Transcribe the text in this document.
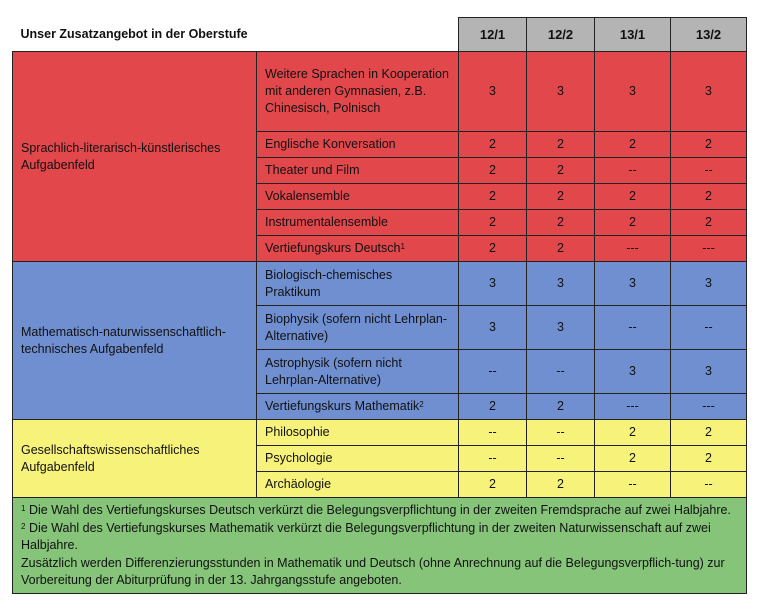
Unser Zusatzangebot in der Oberstufe		12/1	12/2	13/1	13/2
Sprachlich-literarisch-künstlerisches Aufgabenfeld	Weitere Sprachen in Kooperation mit anderen Gymnasien, z.B. Chinesisch, Polnisch	3	3	3	3
	Englische Konversation	2	2	2	2
	Theater und Film	2	2	--	--
	Vokalensemble	2	2	2	2
	Instrumentalensemble	2	2	2	2
	Vertiefungskurs Deutsch$^1$	2	2	---	---
Mathematisch-naturwissenschaftlich-technisches Aufgabenfeld	Biologisch-chemisches Praktikum	3	3	3	3
	Biophysik (sofern nicht Lehrplan-Alternative)	3	3	--	--
	Astrophysik (sofern nicht Lehrplan-Alternative)	--	--	3	3
	Vertiefungskurs Mathematik$^2$	2	2	---	---
Gesellschaftswissenschaftliches Aufgabenfeld	Philosophie	--	--	2	2
	Psychologie	--	--	2	2
	Archäologie	2	2	--	--

$^1$ Die Wahl des Vertiefungskurses Deutsch verkürzt die Belegungsverpflichtung in der zweiten Fremdsprache auf zwei Halbjahre.

$^2$ Die Wahl des Vertiefungskurses Mathematik verkürzt die Belegungsverpflichtung in der zweiten Naturwissenschaft auf zwei Halbjahre.

Zusätzlich werden Differenzierungsstunden in Mathematik und Deutsch (ohne Anrechnung auf die Belegungsverpflich-tung) zur Vorbereitung der Abiturprüfung in der 13. Jahrgangsstufe angeboten.					
